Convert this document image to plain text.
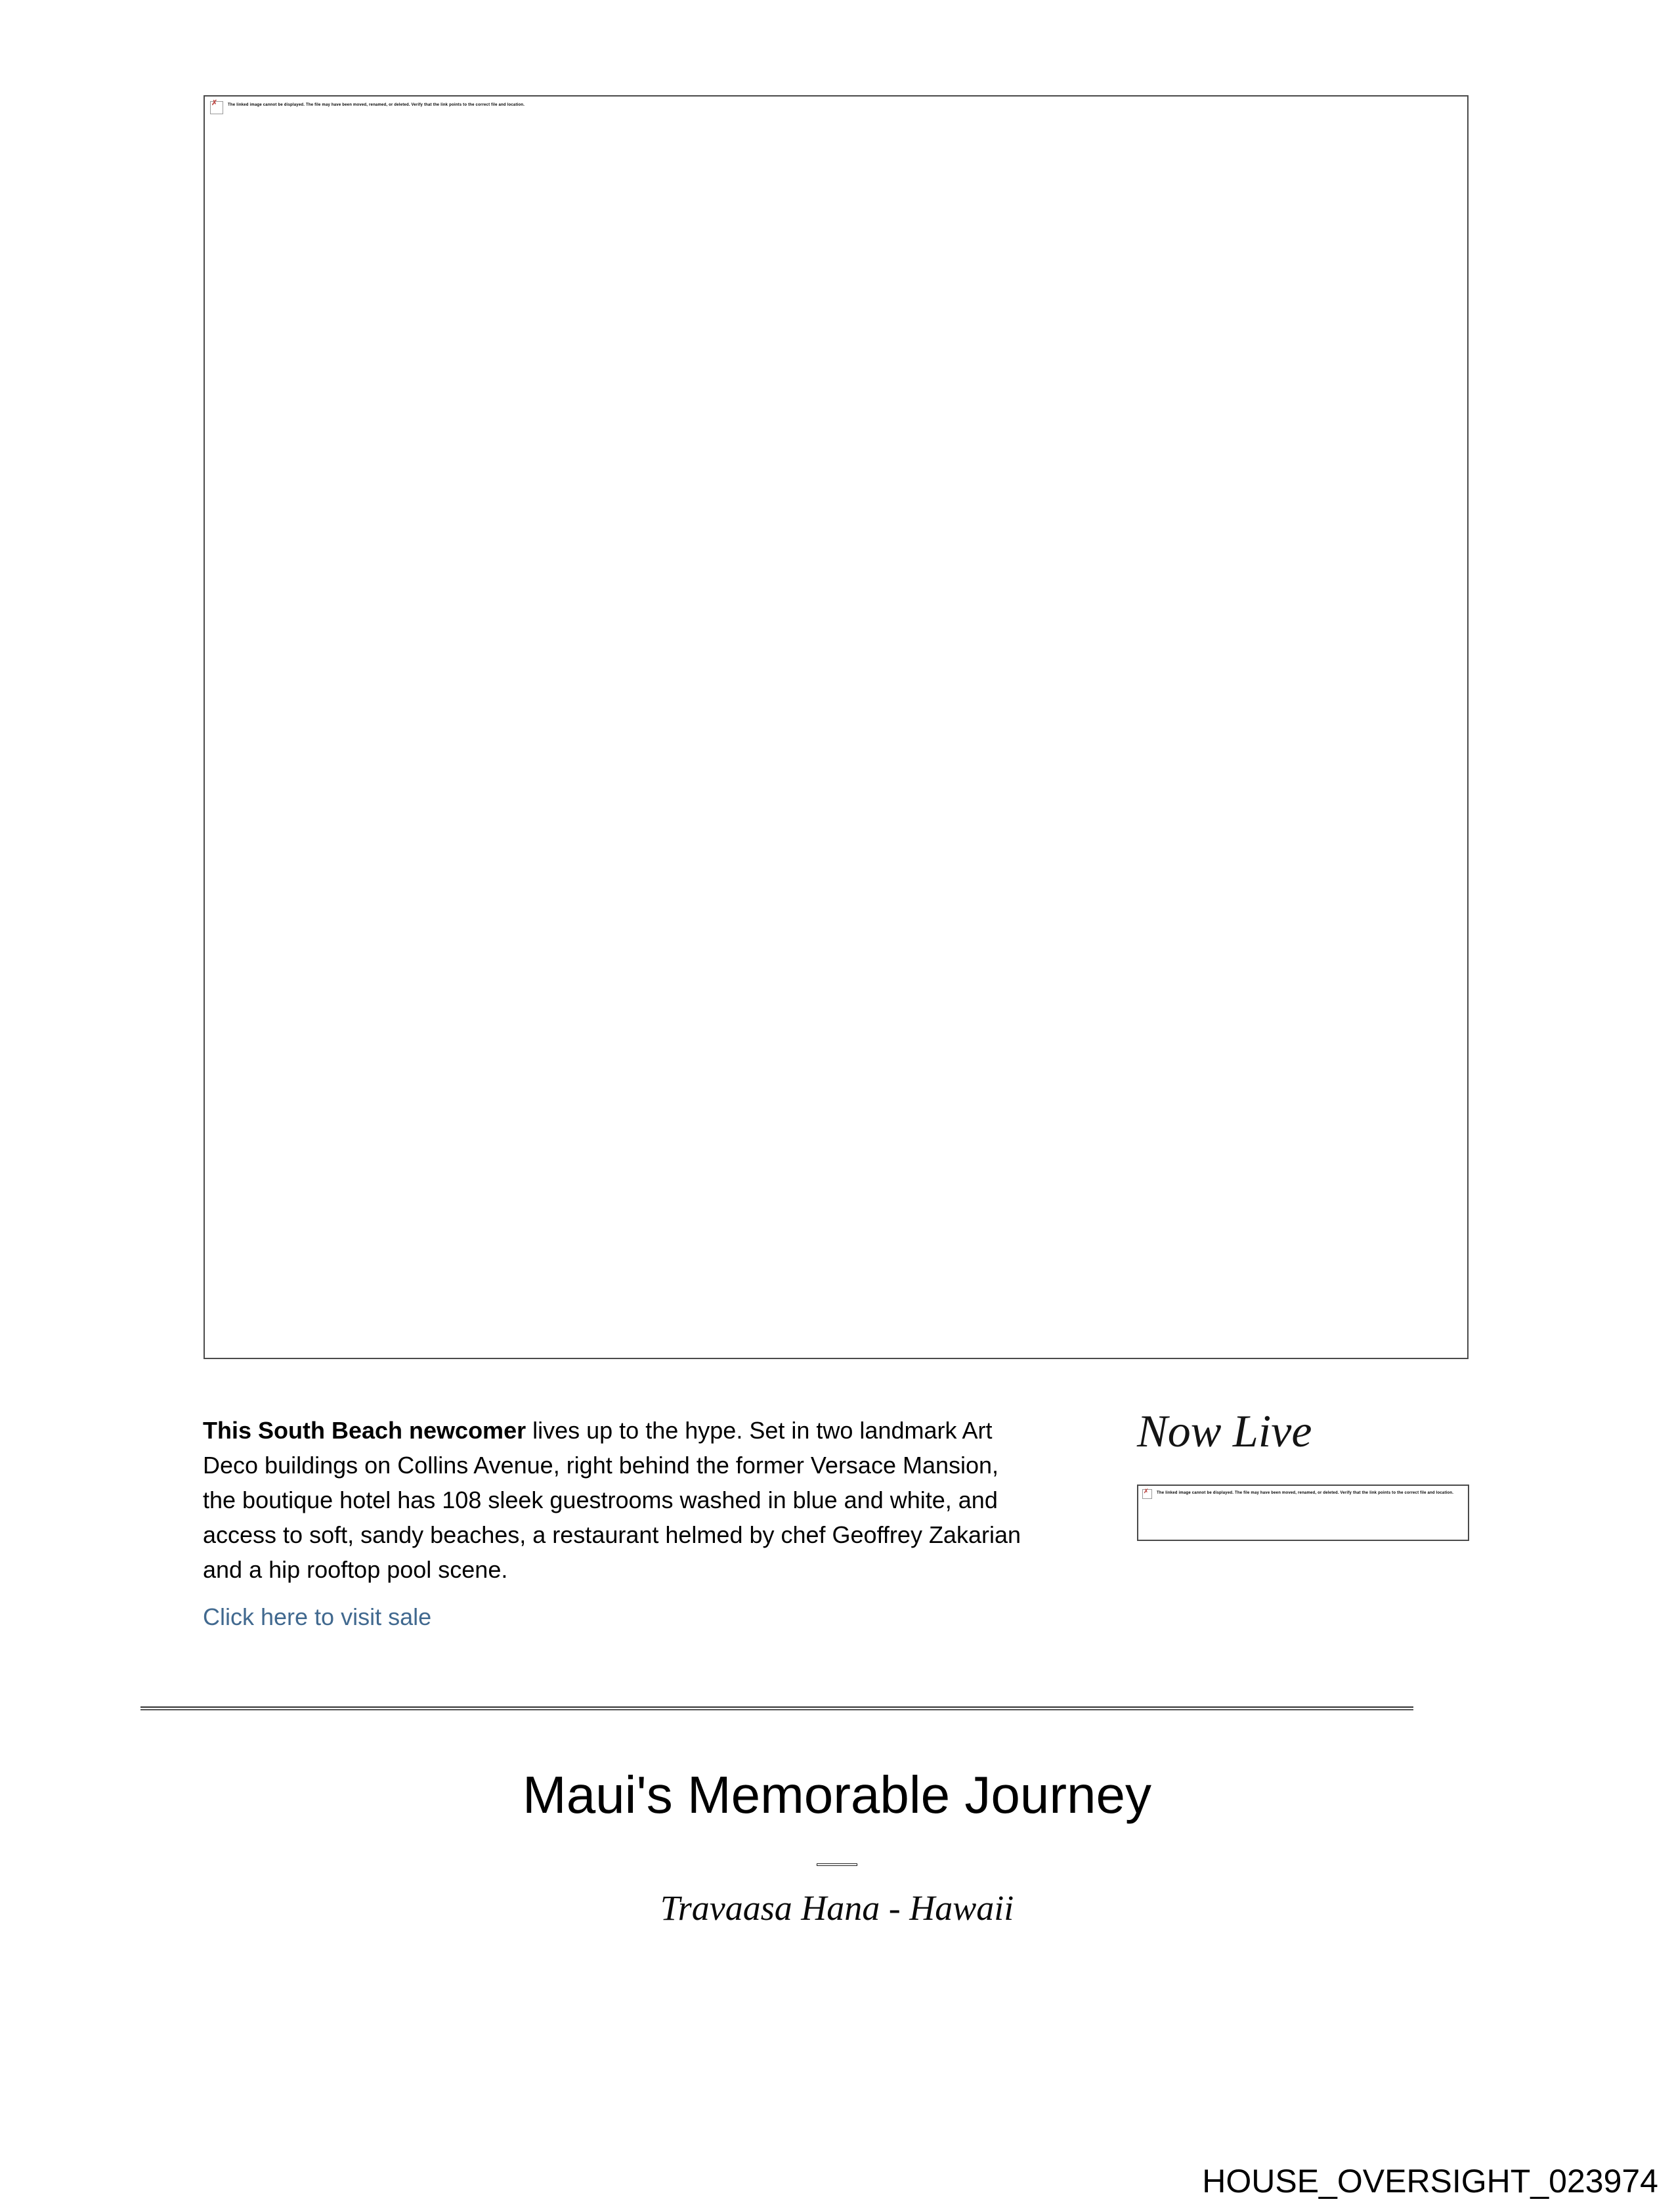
✗	The linked image cannot be displayed. The file may have been moved, renamed, or deleted. Verify that the link points to the correct file and location.

This South Beach newcomer lives up to the hype. Set in two landmark Art Deco buildings on Collins Avenue, right behind the former Versace Mansion, the boutique hotel has 108 sleek guestrooms washed in blue and white, and access to soft, sandy beaches, a restaurant helmed by chef Geoffrey Zakarian and a hip rooftop pool scene.

Click here to visit sale
Now Live
✗ The linked image cannot be displayed. The file may have been moved, renamed, or deleted. Verify that the link points to the correct file and location.
Maui's Memorable Journey
Travaasa Hana - Hawaii
HOUSE_OVERSIGHT_023974
